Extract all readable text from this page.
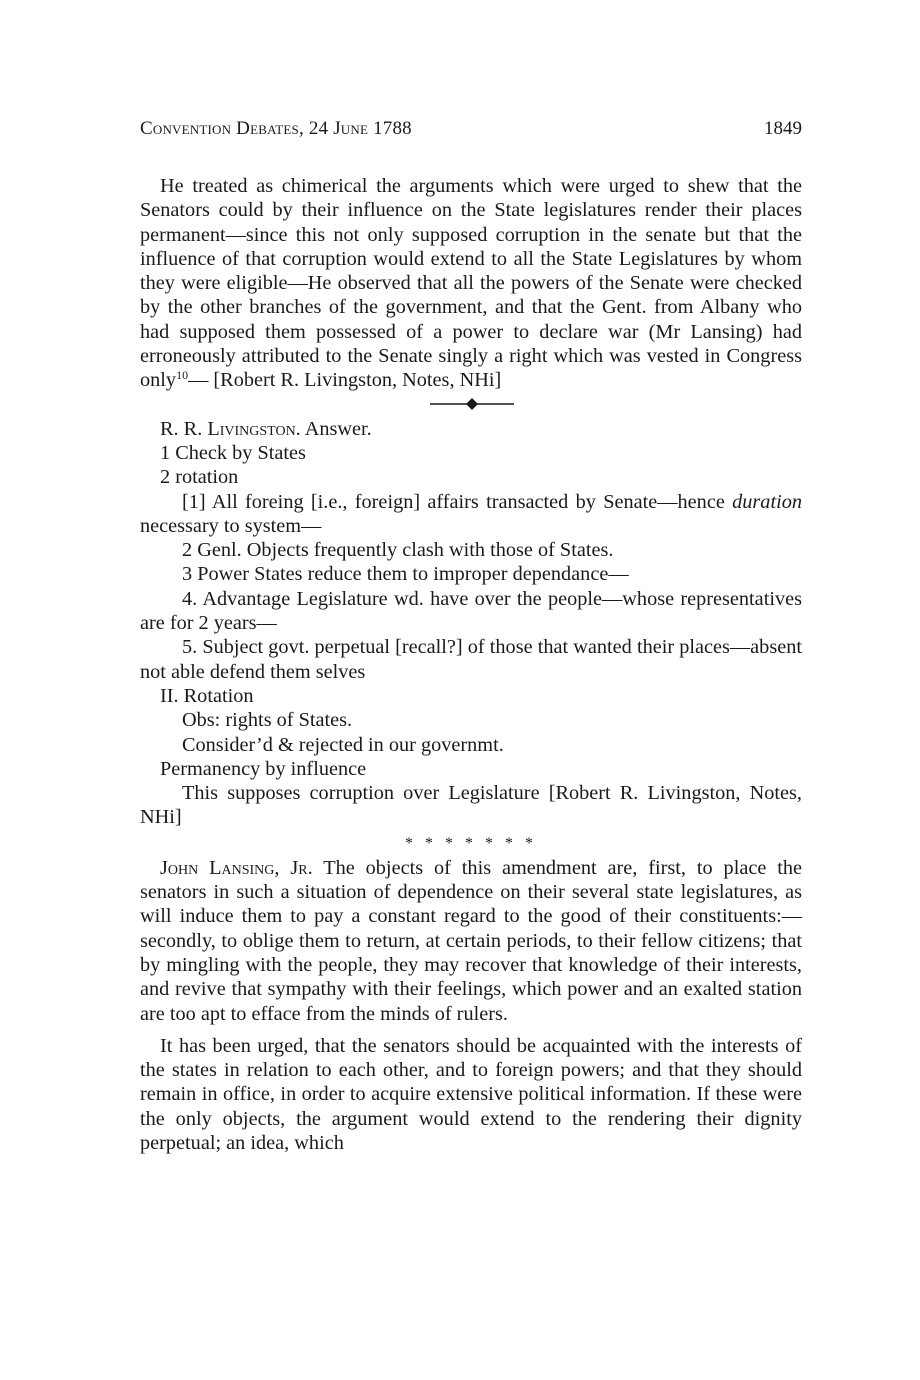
Convention Debates, 24 June 1788	1849

He treated as chimerical the arguments which were urged to shew that the Senators could by their influence on the State legislatures render their places permanent—since this not only supposed corruption in the senate but that the influence of that corruption would extend to all the State Legislatures by whom they were eligible—He observed that all the powers of the Senate were checked by the other branches of the government, and that the Gent. from Albany who had supposed them possessed of a power to declare war (Mr Lansing) had erroneously attributed to the Senate singly a right which was vested in Congress only$^{10}$— [Robert R. Livingston, Notes, NHi]

R. R. Livingston. Answer.

1 Check by States

2 rotation

[1] All foreing [i.e., foreign] affairs transacted by Senate—hence duration necessary to system—

2 Genl. Objects frequently clash with those of States.

3 Power States reduce them to improper dependance—

4. Advantage Legislature wd. have over the people—whose representatives are for 2 years—

5. Subject govt. perpetual [recall?] of those that wanted their places—absent not able defend them selves

II. Rotation

Obs: rights of States.

Consider’d & rejected in our governmt.

Permanency by influence

This supposes corruption over Legislature [Robert R. Livingston, Notes, NHi]

* * * * * * *

John Lansing, Jr. The objects of this amendment are, first, to place the senators in such a situation of dependence on their several state legislatures, as will induce them to pay a constant regard to the good of their constituents:—secondly, to oblige them to return, at certain periods, to their fellow citizens; that by mingling with the people, they may recover that knowledge of their interests, and revive that sympathy with their feelings, which power and an exalted station are too apt to efface from the minds of rulers.

It has been urged, that the senators should be acquainted with the interests of the states in relation to each other, and to foreign powers; and that they should remain in office, in order to acquire extensive political information. If these were the only objects, the argument would extend to the rendering their dignity perpetual; an idea, which
